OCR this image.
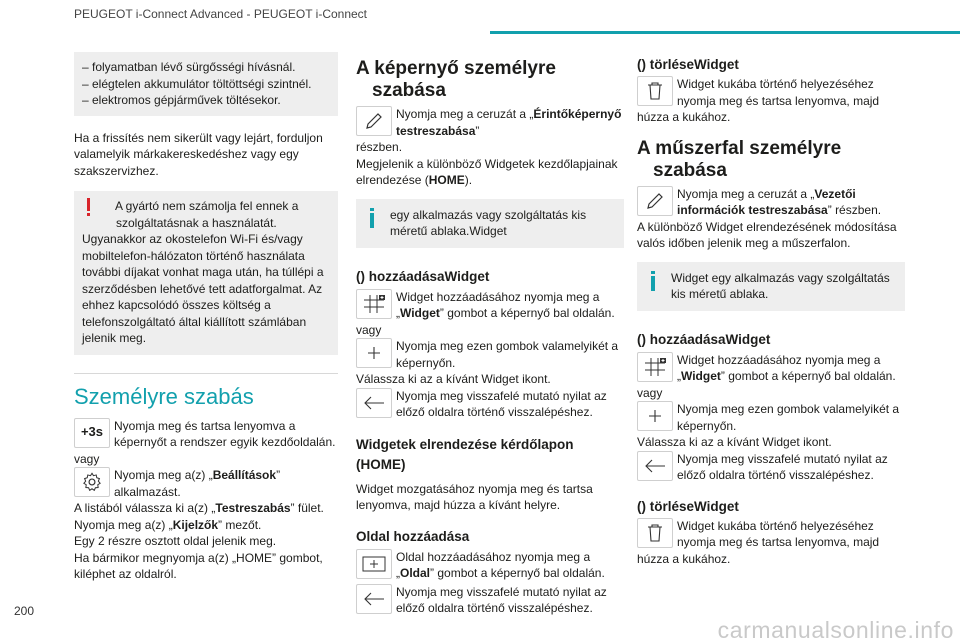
PEUGEOT i-Connect Advanced - PEUGEOT i-Connect

– folyamatban lévő sürgősségi hívásnál.

– elégtelen akkumulátor töltöttségi szintnél.

– elektromos gépjárművek töltésekor.

Ha a frissítés nem sikerült vagy lejárt, forduljon valamelyik márkakereskedéshez vagy egy szakszervizhez.

A gyártó nem számolja fel ennek a szolgáltatásnak a használatát.

Ugyanakkor az okostelefon Wi-Fi és/vagy mobiltelefon-hálózaton történő használata további díjakat vonhat maga után, ha túllépi a szerződésben lehetővé tett adatforgalmat. Az ehhez kapcsolódó összes költség a telefonszolgáltató által kiállított számlában jelenik meg.

Személyre szabás
+3s Nyomja meg és tartsa lenyomva a képernyőt a rendszer egyik kezdőoldalán.

vagy

Nyomja meg a(z) „Beállítások” alkalmazást.

A listából válassza ki a(z) „Testreszabás” fület.

Nyomja meg a(z) „Kijelzők” mezőt.

Egy 2 részre osztott oldal jelenik meg.

Ha bármikor megnyomja a(z) „HOME” gombot, kiléphet az oldalról.

A képernyő személyre
szabása
Nyomja meg a ceruzát a „Érintőképernyő testreszabása”

részben.

Megjelenik a különböző Widgetek kezdőlapjainak elrendezése (HOME).

egy alkalmazás vagy szolgáltatás kis méretű ablaka.Widget

() hozzáadásaWidget
Widget hozzáadásához nyomja meg a „Widget” gombot a képernyő bal oldalán.

vagy

Nyomja meg ezen gombok valamelyikét a képernyőn.

Válassza ki az a kívánt Widget ikont.

Nyomja meg visszafelé mutató nyilat az előző oldalra történő visszalépéshez.
Widgetek elrendezése kérdőlapon (HOME)

Widget mozgatásához nyomja meg és tartsa lenyomva, majd húzza a kívánt helyre.

Oldal hozzáadása
Oldal hozzáadásához nyomja meg a „Oldal” gombot a képernyő bal oldalán.
Nyomja meg visszafelé mutató nyilat az előző oldalra történő visszalépéshez.
() törléseWidget
Widget kukába történő helyezéséhez nyomja meg és tartsa lenyomva, majd

húzza a kukához.

A műszerfal személyre
szabása
Nyomja meg a ceruzát a „Vezetői információk testreszabása” részben.

A különböző Widget elrendezésének módosítása valós időben jelenik meg a műszerfalon.

Widget egy alkalmazás vagy szolgáltatás kis méretű ablaka.

() hozzáadásaWidget
Widget hozzáadásához nyomja meg a „Widget” gombot a képernyő bal oldalán.

vagy

Nyomja meg ezen gombok valamelyikét a képernyőn.

Válassza ki az a kívánt Widget ikont.

Nyomja meg visszafelé mutató nyilat az előző oldalra történő visszalépéshez.
() törléseWidget
Widget kukába történő helyezéséhez nyomja meg és tartsa lenyomva, majd

húzza a kukához.

200
carmanualsonline.info
